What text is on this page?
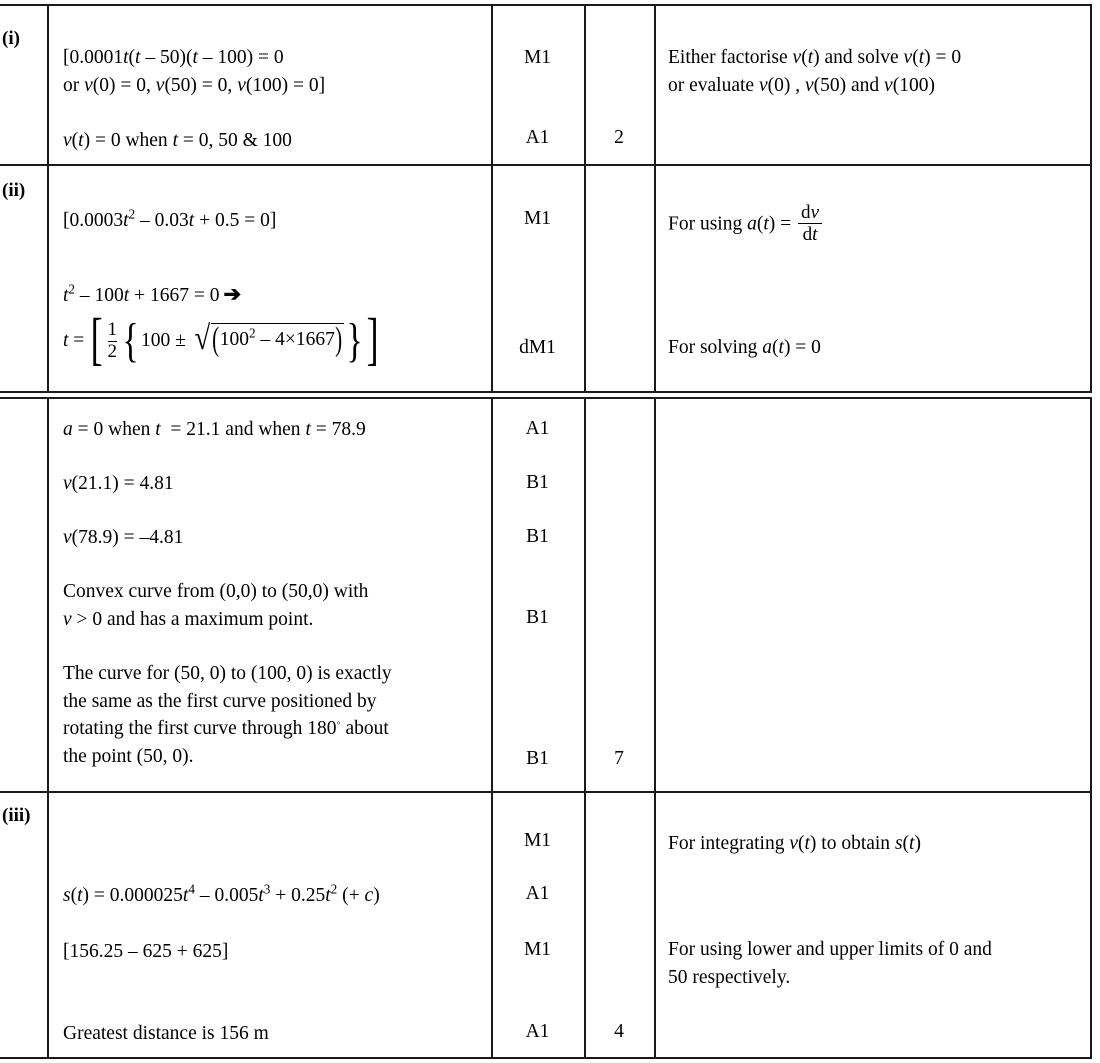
(i)
[0.0001t(t – 50)(t – 100) = 0
or v(0) = 0, v(50) = 0, v(100) = 0]
M1	Either factorise v(t) and solve v(t) = 0
or evaluate v(0) , v(50) and v(100)
v(t) = 0 when t = 0, 50 & 100	A1	2
(ii)
$[0.0003t^2 - 0.03t + 0.5 = 0]$	M1	For using $a(t) = \frac{dv}{dt}$
$t^2 - 100t + 1667 = 0$ ➔
t = [ $\frac{1}{2}$ { $100 \pm √(100^2 - 4\times 1667)$}]	dM1	For solving a(t) = 0
a = 0 when t  = 21.1 and when t = 78.9	A1
v(21.1) = 4.81	B1
v(78.9) = –4.81	B1
Convex curve from (0,0) to (50,0) with
v > 0 and has a maximum point.	B1
The curve for (50, 0) to (100, 0) is exactly
the same as the first curve positioned by
rotating the first curve through 180◦ about
the point (50, 0).	B1	7
(iii)
M1	For integrating v(t) to obtain s(t)
$s(t) = 0.000025t^4 - 0.005t^3 + 0.25t^2$ (+ c)	A1
[156.25 – 625 + 625]	M1	For using lower and upper limits of 0 and
50 respectively.
Greatest distance is 156 m	A1	4
